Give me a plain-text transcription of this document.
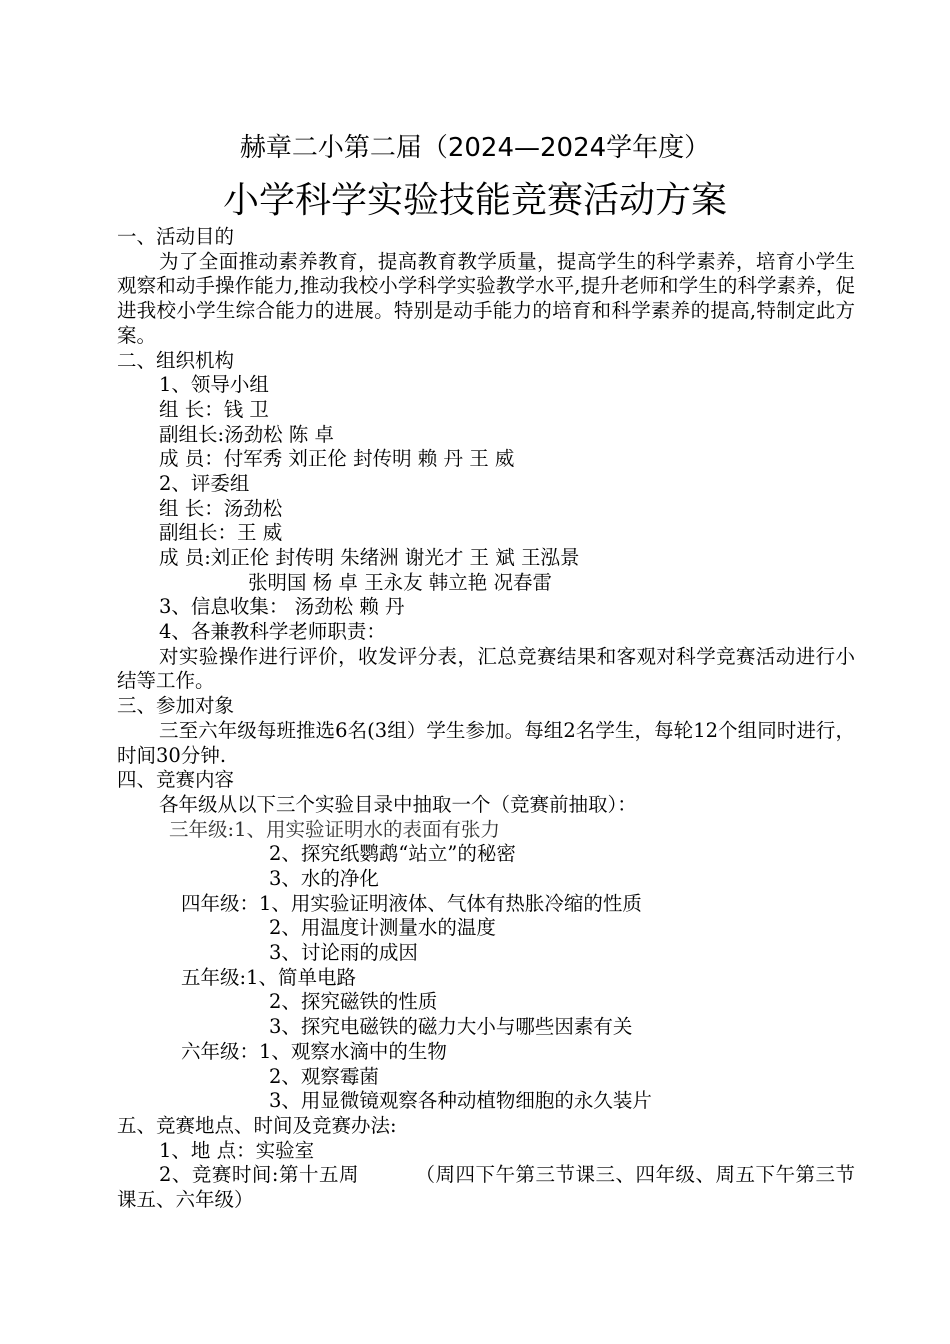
赫章二小第二届（2024—2024学年度）
小学科学实验技能竞赛活动方案
一、活动目的
为了全面推动素养教育，提高教育教学质量，提高学生的科学素养，培育小学生观察和动手操作能力,推动我校小学科学实验教学水平,提升老师和学生的科学素养，促进我校小学生综合能力的进展。特别是动手能力的培育和科学素养的提高,特制定此方案。
二、组织机构
1、领导小组
组 长：钱 卫
副组长:汤劲松 陈 卓
成 员：付军秀 刘正伦 封传明 赖 丹 王 威
2、评委组
组 长：汤劲松
副组长：王 威
成 员:刘正伦 封传明 朱绪洲 谢光才 王 斌 王泓景
张明国 杨 卓 王永友 韩立艳 况春雷
3、信息收集： 汤劲松 赖 丹
4、各兼教科学老师职责：
对实验操作进行评价，收发评分表，汇总竞赛结果和客观对科学竞赛活动进行小结等工作。
三、参加对象
三至六年级每班推选6名(3组）学生参加。每组2名学生，每轮12个组同时进行，时间30分钟.
四、竞赛内容
各年级从以下三个实验目录中抽取一个（竞赛前抽取）：
三年级:1、用实验证明水的表面有张力
2、探究纸鹦鹉“站立”的秘密
3、水的净化
四年级：1、用实验证明液体、气体有热胀冷缩的性质
2、用温度计测量水的温度
3、讨论雨的成因
五年级:1、简单电路
2、探究磁铁的性质
3、探究电磁铁的磁力大小与哪些因素有关
六年级：1、观察水滴中的生物
2、观察霉菌
3、用显微镜观察各种动植物细胞的永久装片
五、竞赛地点、时间及竞赛办法:
1、地 点：实验室
2、竞赛时间:第十五周	（周四下午第三节课三、四年级、周五下午第三节课五、六年级）
